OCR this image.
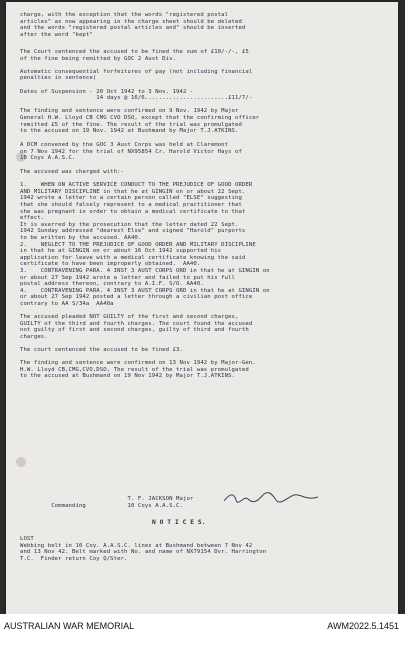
charge, with the exception that the words "registered postal
articles" as now appearing in the charge sheet should be deleted
and the words "registered postal articles and" should be inserted
after the word "kept"
The Court sentenced the accused to be fined the sum of £10/-/-, £5
of the fine being remitted by GOC 2 Aust Div.

Automatic consequential forfeitures of pay (not including financial
penalties in sentence)

Dates of Suspension - 20 Oct 1942 to 3 Nov. 1942 -
14 days @ 16/6........................£11/7/-

The finding and sentence were confirmed on 9 Nov. 1942 by Major
General H.W. Lloyd CB CMG CVO DSO, except that the confirming officer
remitted £5 of the fine. The result of the trial was promulgated
to the accused on 19 Nov. 1942 at Bushmand by Major T.J.ATKINS.
A DCM convened by the GOC 3 Aust Corps was held at Claremont
on 7 Nov 1942 for the trial of NX95854 Cr. Harold Victor Hays of
10 Coys A.A.S.C.
The accused was charged with:-

1.    WHEN ON ACTIVE SERVICE CONDUCT TO THE PREJUDICE OF GOOD ORDER
AND MILITARY DISCIPLINE in that he at GINGIN on or about 22 Sept.
1942 wrote a letter to a certain person called "ELSE" suggesting
that she should falsely represent to a medical practitioner that
she was pregnant in order to obtain a medical certificate to that
effect.
It is averred by the prosecution that the letter dated 22 Sept.
1942 Sunday addressed "dearest Else" and signed "Harold" purports
to be written by the accused. AA40.
2.    NEGLECT TO THE PREJUDICE OF GOOD ORDER AND MILITARY DISCIPLINE
in that he at GINGIN on or about 16 Oct 1942 supported his
application for leave with a medical certificate knowing the said
certificate to have been improperly obtained.  AA40.
3.    CONTRAVENING PARA. 4 INST 3 AUST CORPS ORD in that he at GINGIN on
or about 27 Sep 1942 wrote a letter and failed to put his full
postal address thereon, contrary to A.I.F. S/O. AA40.
4.    CONTRAVENING PARA. 4 INST 3 AUST CORPS ORD in that he at GINGIN on
or about 27 Sep 1942 posted a letter through a civilian post office
contrary to AA S/34a  AA40a

The accused pleaded NOT GUILTY of the first and second charges,
GUILTY of the third and fourth charges. The court found the accused
not guilty of first and second charges, guilty of third and fourth
charges.

The court sentenced the accused to be fined £3.

The finding and sentence were confirmed on 13 Nov 1942 by Major-Gen.
H.W. Lloyd CB,CMG,CVO,DSO, The result of the trial was promulgated
to the accused at Bushmand on 19 Nov 1942 by Major T.J.ATKINS.
T. F. JACKSON Major
Commanding            10 Coys A.A.S.C.
N O T I C E S.
LOST
Webbing belt in 10 Coy. A.A.S.C. lines at Bushmand between 7 Nov 42
and 13 Nov 42. Belt marked with No. and name of NX79154 Dvr. Harrington
T.C.  Finder return Coy Q/Ster.
AUSTRALIAN WAR MEMORIAL	AWM2022.5.1451
